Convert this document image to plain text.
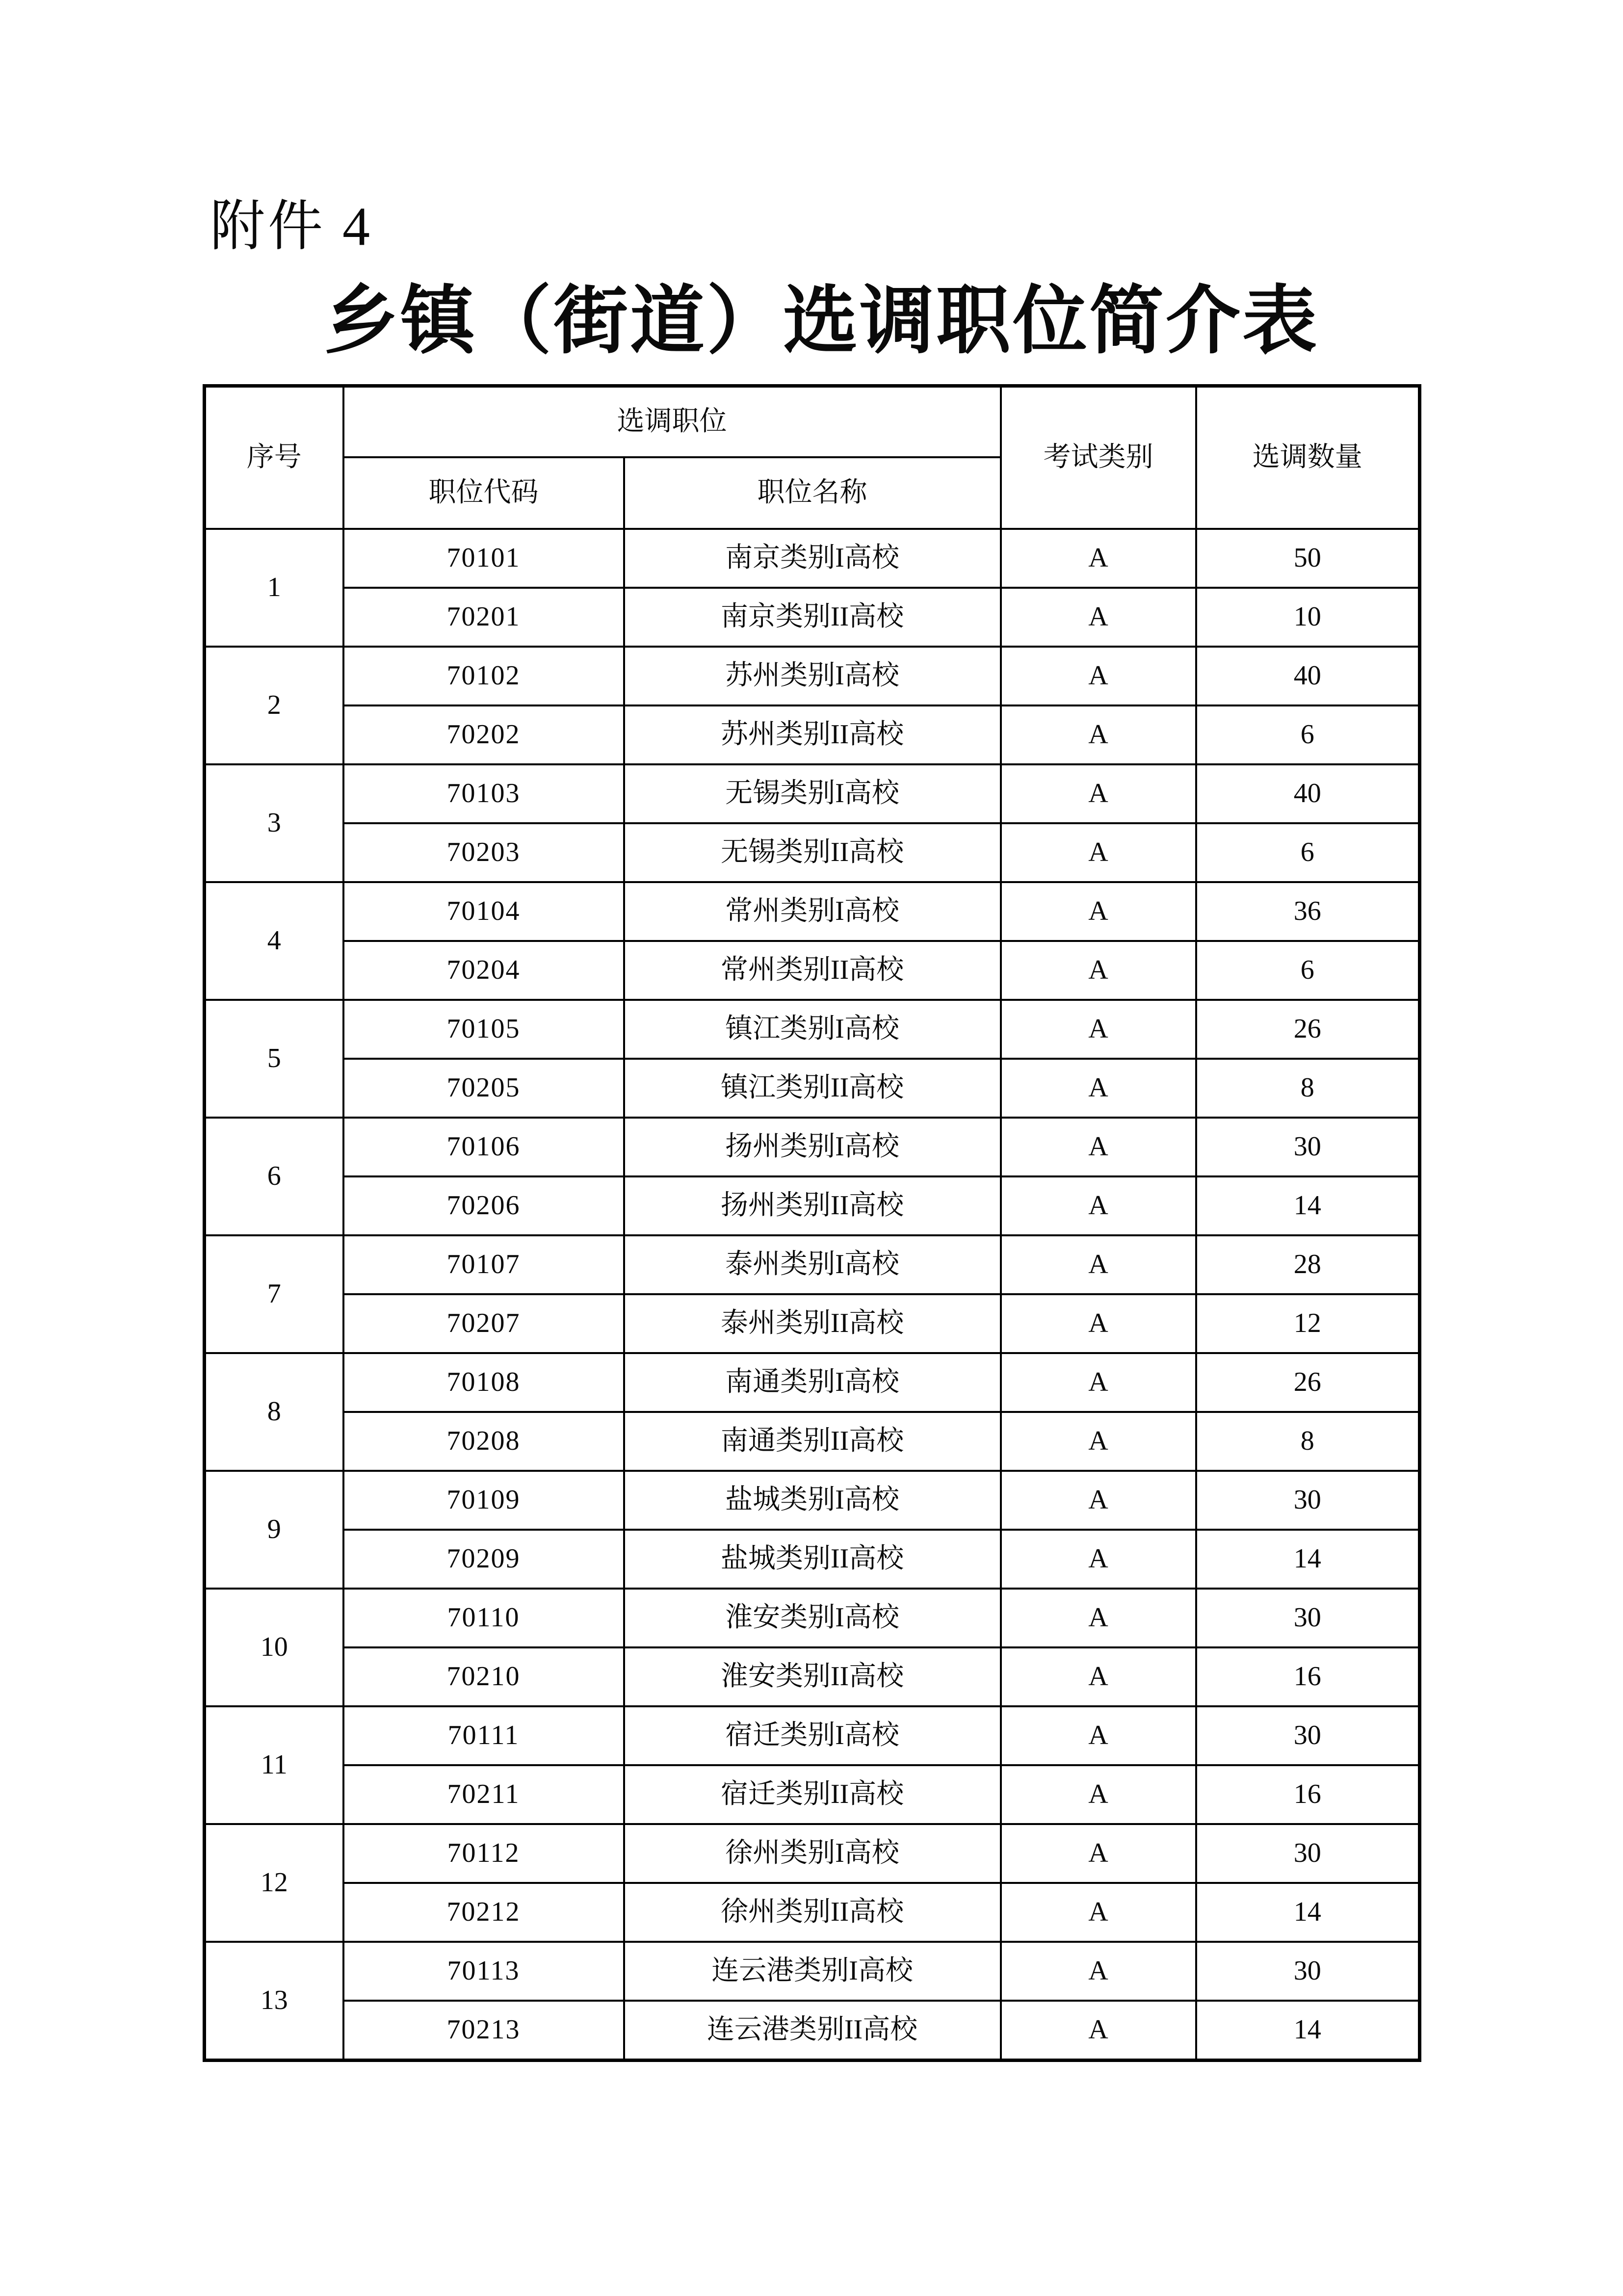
附件 4
乡镇（街道）选调职位简介表
序号	选调职位		考试类别	选调数量
	职位代码	职位名称		
1	70101	南京类别I高校	A	50
	70201	南京类别II高校	A	10
2	70102	苏州类别I高校	A	40
	70202	苏州类别II高校	A	6
3	70103	无锡类别I高校	A	40
	70203	无锡类别II高校	A	6
4	70104	常州类别I高校	A	36
	70204	常州类别II高校	A	6
5	70105	镇江类别I高校	A	26
	70205	镇江类别II高校	A	8
6	70106	扬州类别I高校	A	30
	70206	扬州类别II高校	A	14
7	70107	泰州类别I高校	A	28
	70207	泰州类别II高校	A	12
8	70108	南通类别I高校	A	26
	70208	南通类别II高校	A	8
9	70109	盐城类别I高校	A	30
	70209	盐城类别II高校	A	14
10	70110	淮安类别I高校	A	30
	70210	淮安类别II高校	A	16
11	70111	宿迁类别I高校	A	30
	70211	宿迁类别II高校	A	16
12	70112	徐州类别I高校	A	30
	70212	徐州类别II高校	A	14
13	70113	连云港类别I高校	A	30
	70213	连云港类别II高校	A	14
